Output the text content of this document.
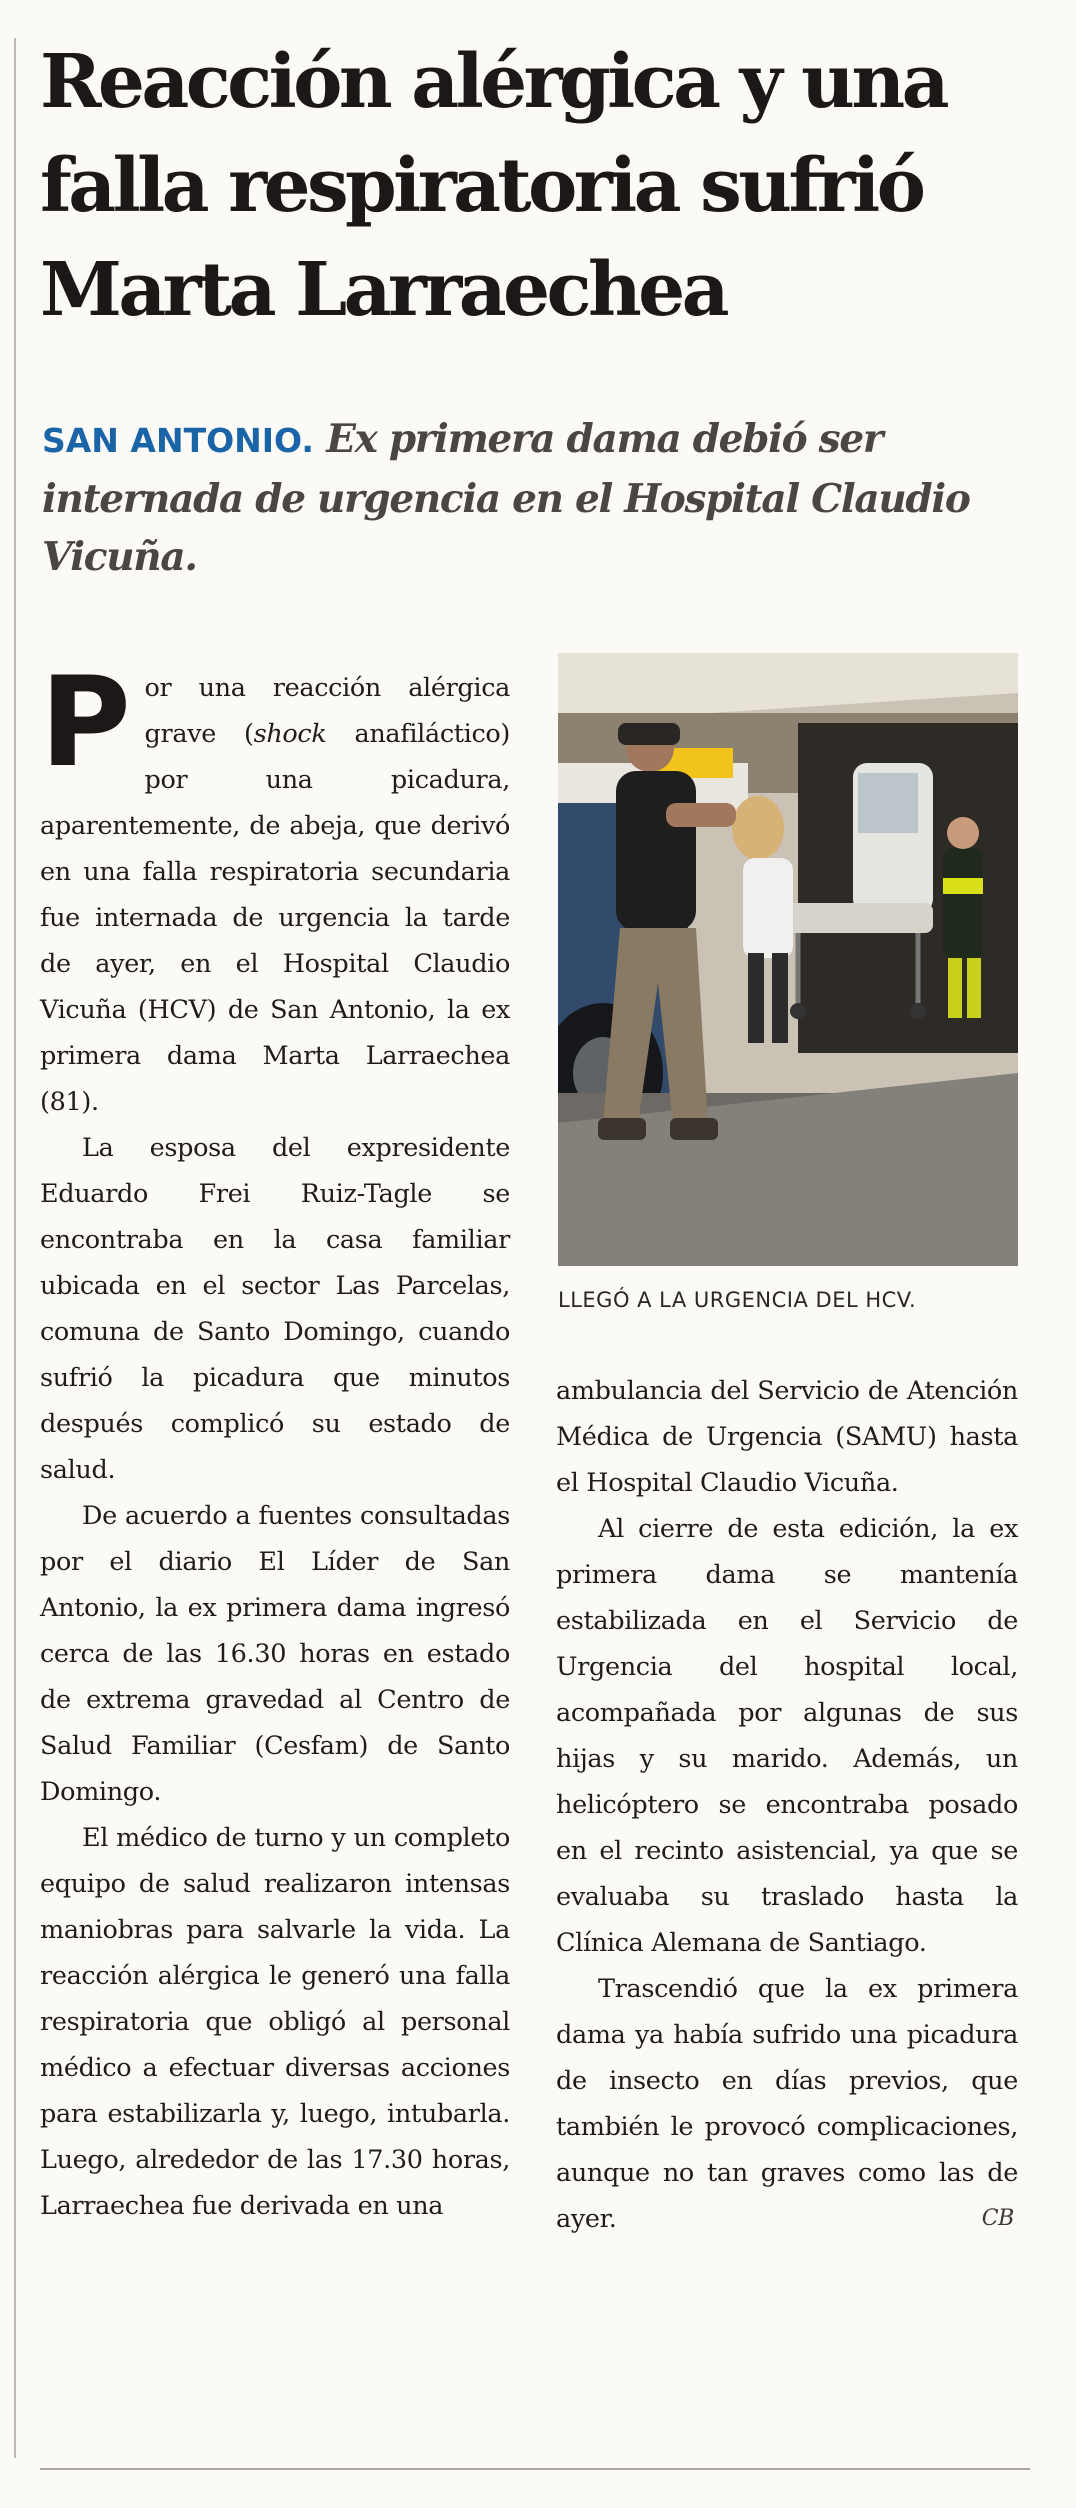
Reacción alérgica y una falla respiratoria sufrió Marta Larraechea

SAN ANTONIO. Ex primera dama debió ser internada de urgencia en el Hospital Claudio Vicuña.

Por una reacción alérgica grave (shock anafiláctico) por una picadura, aparentemente, de abeja, que derivó en una falla respiratoria secundaria fue internada de urgencia la tarde de ayer, en el Hospital Claudio Vicuña (HCV) de San Antonio, la ex primera dama Marta Larraechea (81).

La esposa del expresidente Eduardo Frei Ruiz-Tagle se encontraba en la casa familiar ubicada en el sector Las Parcelas, comuna de Santo Domingo, cuando sufrió la picadura que minutos después complicó su estado de salud.

De acuerdo a fuentes consultadas por el diario El Líder de San Antonio, la ex primera dama ingresó cerca de las 16.30 horas en estado de extrema gravedad al Centro de Salud Familiar (Cesfam) de Santo Domingo.

El médico de turno y un completo equipo de salud realizaron intensas maniobras para salvarle la vida. La reacción alérgica le generó una falla respiratoria que obligó al personal médico a efectuar diversas acciones para estabilizarla y, luego, intubarla. Luego, alrededor de las 17.30 horas, Larraechea fue derivada en una

LLEGÓ A LA URGENCIA DEL HCV.

ambulancia del Servicio de Atención Médica de Urgencia (SAMU) hasta el Hospital Claudio Vicuña.

Al cierre de esta edición, la ex primera dama se mantenía estabilizada en el Servicio de Urgencia del hospital local, acompañada por algunas de sus hijas y su marido. Además, un helicóptero se encontraba posado en el recinto asistencial, ya que se evaluaba su traslado hasta la Clínica Alemana de Santiago.

Trascendió que la ex primera dama ya había sufrido una picadura de insecto en días previos, que también le provocó complicaciones, aunque no tan graves como las de ayer.	CB
